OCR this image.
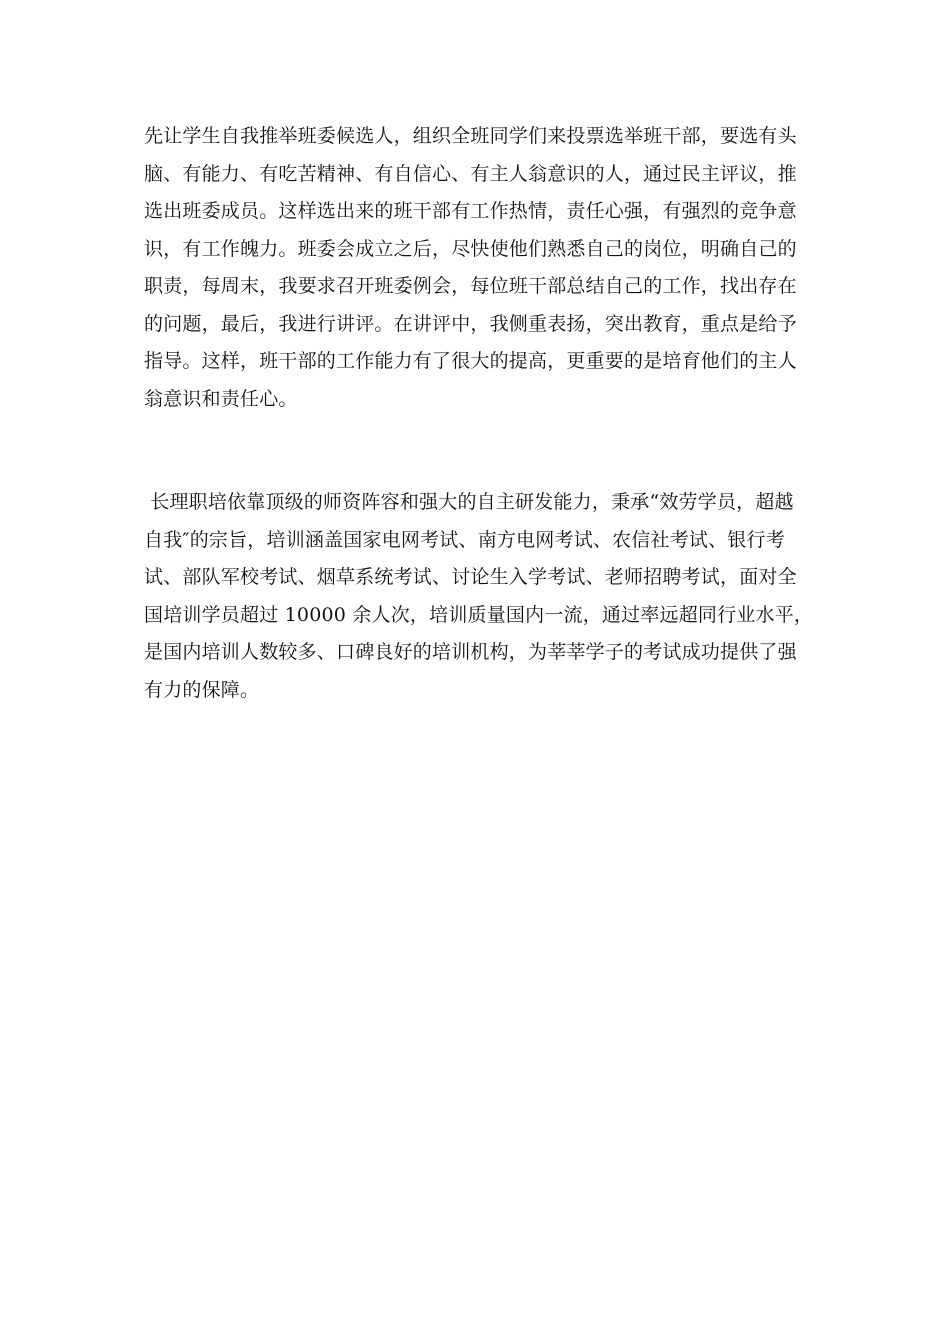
先让学生自我推举班委候选人，组织全班同学们来投票选举班干部，要选有头
脑、有能力、有吃苦精神、有自信心、有主人翁意识的人，通过民主评议，推
选出班委成员。这样选出来的班干部有工作热情，责任心强，有强烈的竞争意
识，有工作魄力。班委会成立之后，尽快使他们熟悉自己的岗位，明确自己的
职责，每周末，我要求召开班委例会，每位班干部总结自己的工作，找出存在
的问题，最后，我进行讲评。在讲评中，我侧重表扬，突出教育，重点是给予
指导。这样，班干部的工作能力有了很大的提高，更重要的是培育他们的主人
翁意识和责任心。

长理职培依靠顶级的师资阵容和强大的自主研发能力，秉承“效劳学员，超越
自我″的宗旨，培训涵盖国家电网考试、南方电网考试、农信社考试、银行考
试、部队军校考试、烟草系统考试、讨论生入学考试、老师招聘考试，面对全
国培训学员超过 10000 余人次，培训质量国内一流，通过率远超同行业水平，
是国内培训人数较多、口碑良好的培训机构，为莘莘学子的考试成功提供了强
有力的保障。
